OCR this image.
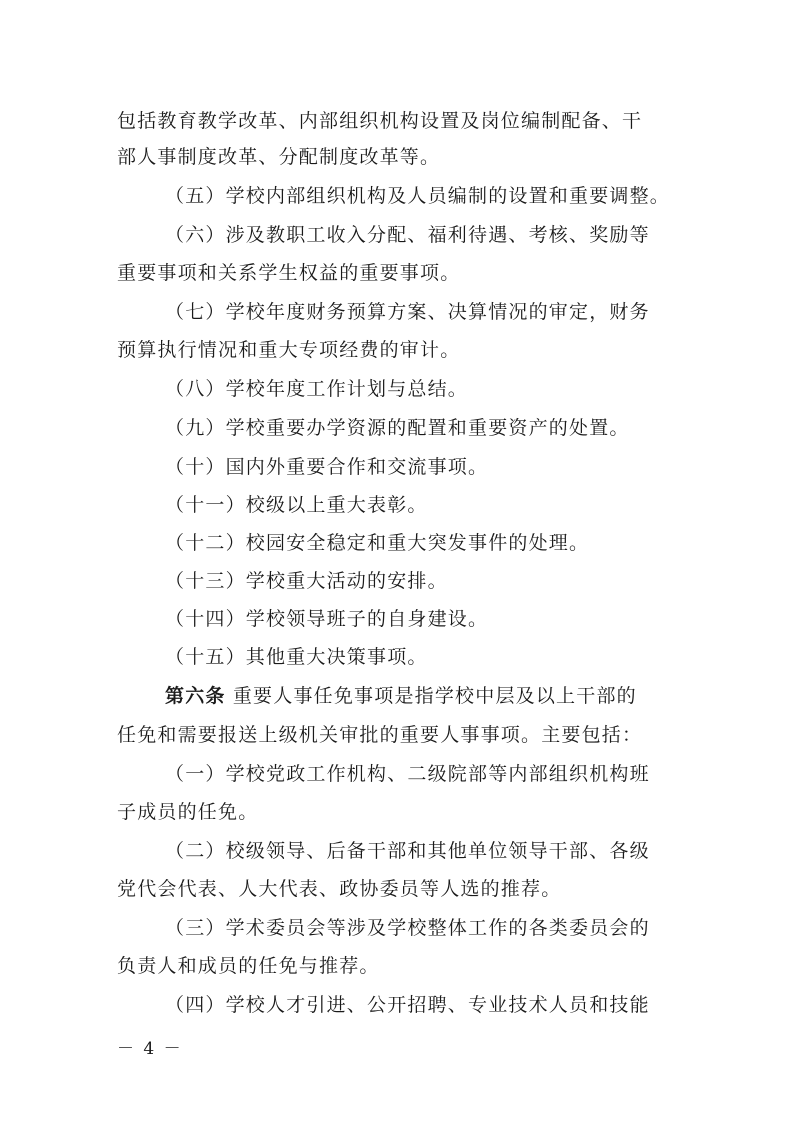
包括教育教学改革、内部组织机构设置及岗位编制配备、干
部人事制度改革、分配制度改革等。
（五）学校内部组织机构及人员编制的设置和重要调整。
（六）涉及教职工收入分配、福利待遇、考核、奖励等
重要事项和关系学生权益的重要事项。
（七）学校年度财务预算方案、决算情况的审定，财务
预算执行情况和重大专项经费的审计。
（八）学校年度工作计划与总结。
（九）学校重要办学资源的配置和重要资产的处置。
（十）国内外重要合作和交流事项。
（十一）校级以上重大表彰。
（十二）校园安全稳定和重大突发事件的处理。
（十三）学校重大活动的安排。
（十四）学校领导班子的自身建设。
（十五）其他重大决策事项。
第六条 重要人事任免事项是指学校中层及以上干部的
任免和需要报送上级机关审批的重要人事事项。主要包括：
（一）学校党政工作机构、二级院部等内部组织机构班
子成员的任免。
（二）校级领导、后备干部和其他单位领导干部、各级
党代会代表、人大代表、政协委员等人选的推荐。
（三）学术委员会等涉及学校整体工作的各类委员会的
负责人和成员的任免与推荐。
（四）学校人才引进、公开招聘、专业技术人员和技能
－ 4 －
